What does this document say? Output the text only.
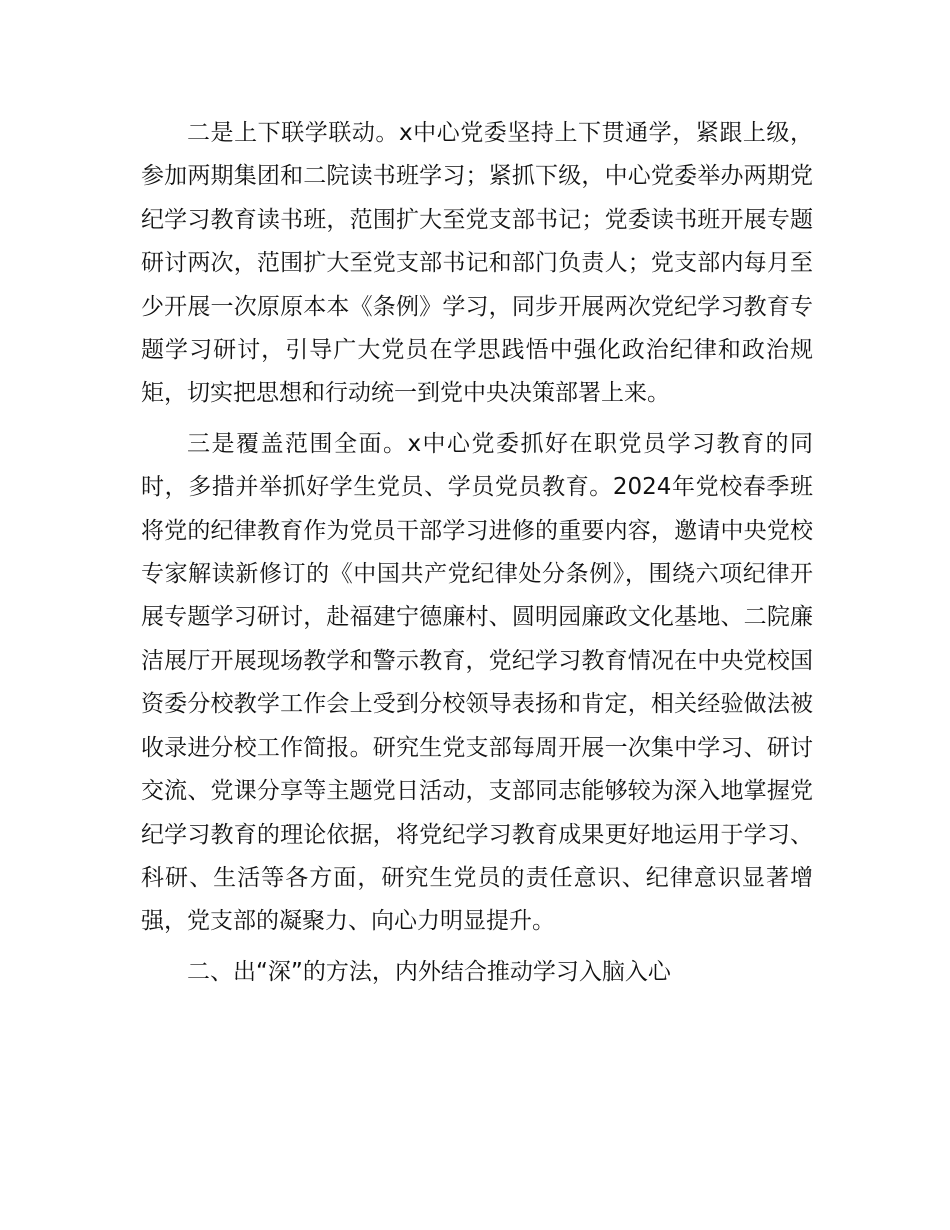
二是上下联学联动。x中心党委坚持上下贯通学，紧跟上级，参加两期集团和二院读书班学习；紧抓下级，中心党委举办两期党纪学习教育读书班，范围扩大至党支部书记；党委读书班开展专题研讨两次，范围扩大至党支部书记和部门负责人；党支部内每月至少开展一次原原本本《条例》学习，同步开展两次党纪学习教育专题学习研讨，引导广大党员在学思践悟中强化政治纪律和政治规矩，切实把思想和行动统一到党中央决策部署上来。

三是覆盖范围全面。x中心党委抓好在职党员学习教育的同时，多措并举抓好学生党员、学员党员教育。2024年党校春季班将党的纪律教育作为党员干部学习进修的重要内容，邀请中央党校专家解读新修订的《中国共产党纪律处分条例》，围绕六项纪律开展专题学习研讨，赴福建宁德廉村、圆明园廉政文化基地、二院廉洁展厅开展现场教学和警示教育，党纪学习教育情况在中央党校国资委分校教学工作会上受到分校领导表扬和肯定，相关经验做法被收录进分校工作简报。研究生党支部每周开展一次集中学习、研讨交流、党课分享等主题党日活动，支部同志能够较为深入地掌握党纪学习教育的理论依据，将党纪学习教育成果更好地运用于学习、科研、生活等各方面，研究生党员的责任意识、纪律意识显著增强，党支部的凝聚力、向心力明显提升。

二、出“深”的方法，内外结合推动学习入脑入心
